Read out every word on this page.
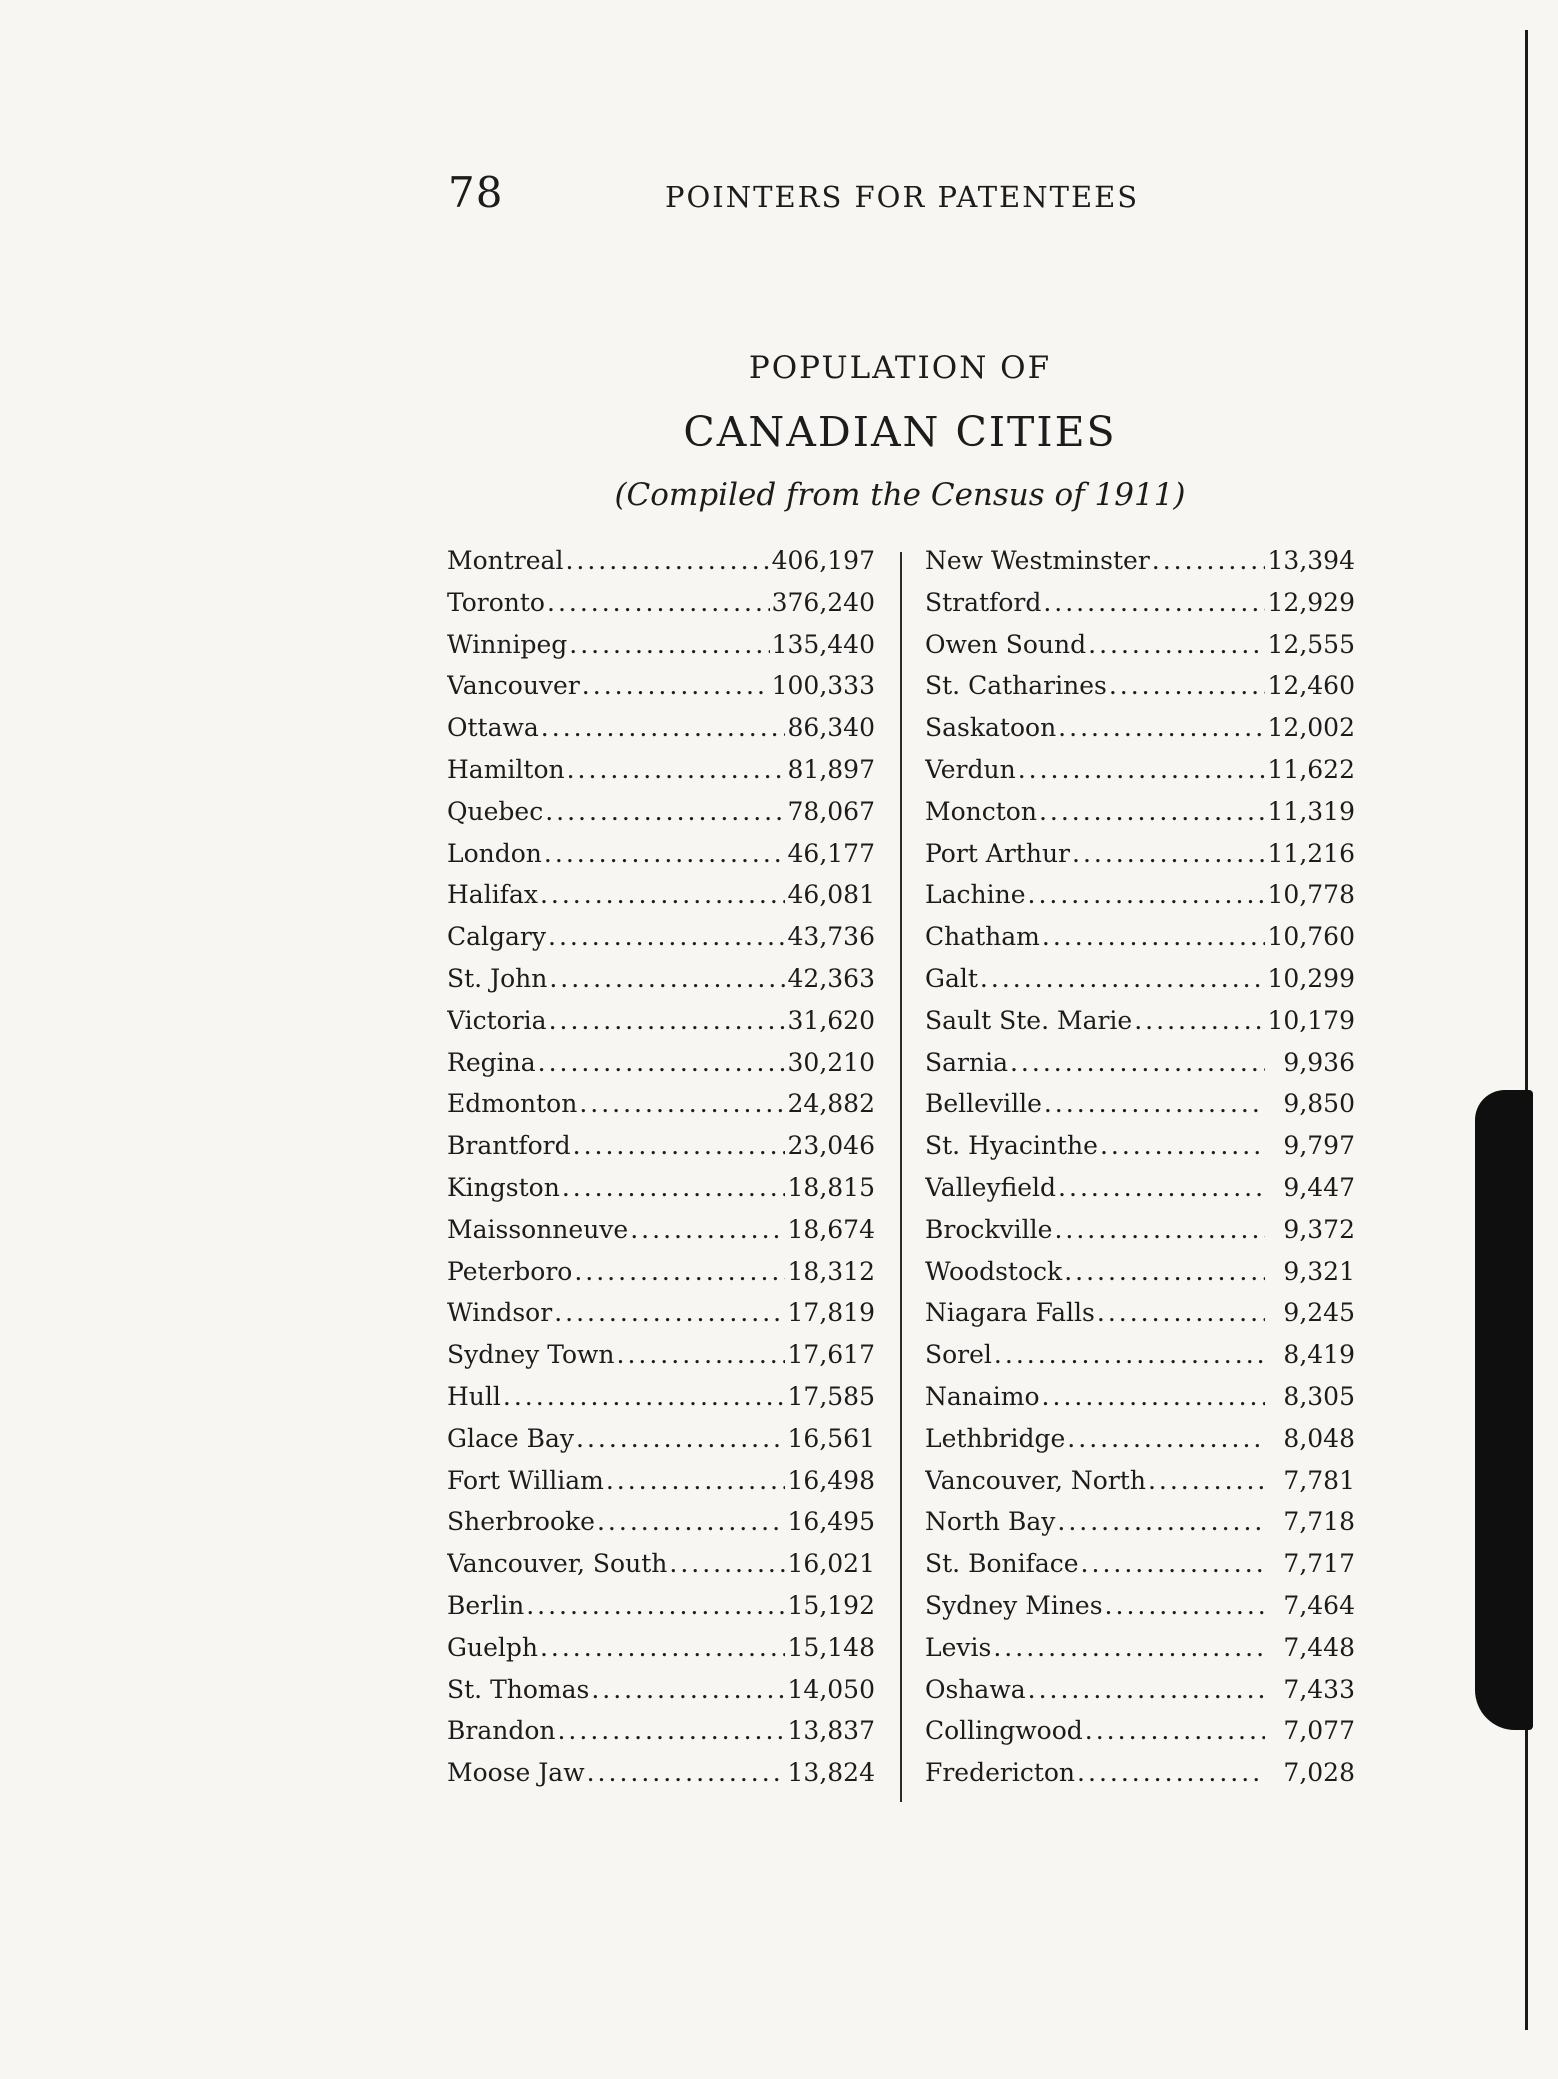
78	POINTERS FOR PATENTEES
POPULATION OF
CANADIAN CITIES
(Compiled from the Census of 1911)
Montreal .....	406,197
Toronto .....	376,240
Winnipeg .....	135,440
Vancouver .....	100,333
Ottawa .....	86,340
Hamilton .....	81,897
Quebec .....	78,067
London .....	46,177
Halifax .....	46,081
Calgary .....	43,736
St. John .....	42,363
Victoria .....	31,620
Regina .....	30,210
Edmonton .....	24,882
Brantford .....	23,046
Kingston .....	18,815
Maissonneuve .....	18,674
Peterboro .....	18,312
Windsor .....	17,819
Sydney Town .....	17,617
Hull .....	17,585
Glace Bay .....	16,561
Fort William .....	16,498
Sherbrooke .....	16,495
Vancouver, South .....	16,021
Berlin .....	15,192
Guelph .....	15,148
St. Thomas .....	14,050
Brandon .....	13,837
Moose Jaw .....	13,824
New Westminster .....	13,394
Stratford .....	12,929
Owen Sound .....	12,555
St. Catharines .....	12,460
Saskatoon .....	12,002
Verdun .....	11,622
Moncton .....	11,319
Port Arthur .....	11,216
Lachine .....	10,778
Chatham .....	10,760
Galt .....	10,299
Sault Ste. Marie .....	10,179
Sarnia .....	9,936
Belleville .....	9,850
St. Hyacinthe .....	9,797
Valleyfield .....	9,447
Brockville .....	9,372
Woodstock .....	9,321
Niagara Falls .....	9,245
Sorel .....	8,419
Nanaimo .....	8,305
Lethbridge .....	8,048
Vancouver, North .....	7,781
North Bay .....	7,718
St. Boniface .....	7,717
Sydney Mines .....	7,464
Levis .....	7,448
Oshawa .....	7,433
Collingwood .....	7,077
Fredericton .....	7,028
